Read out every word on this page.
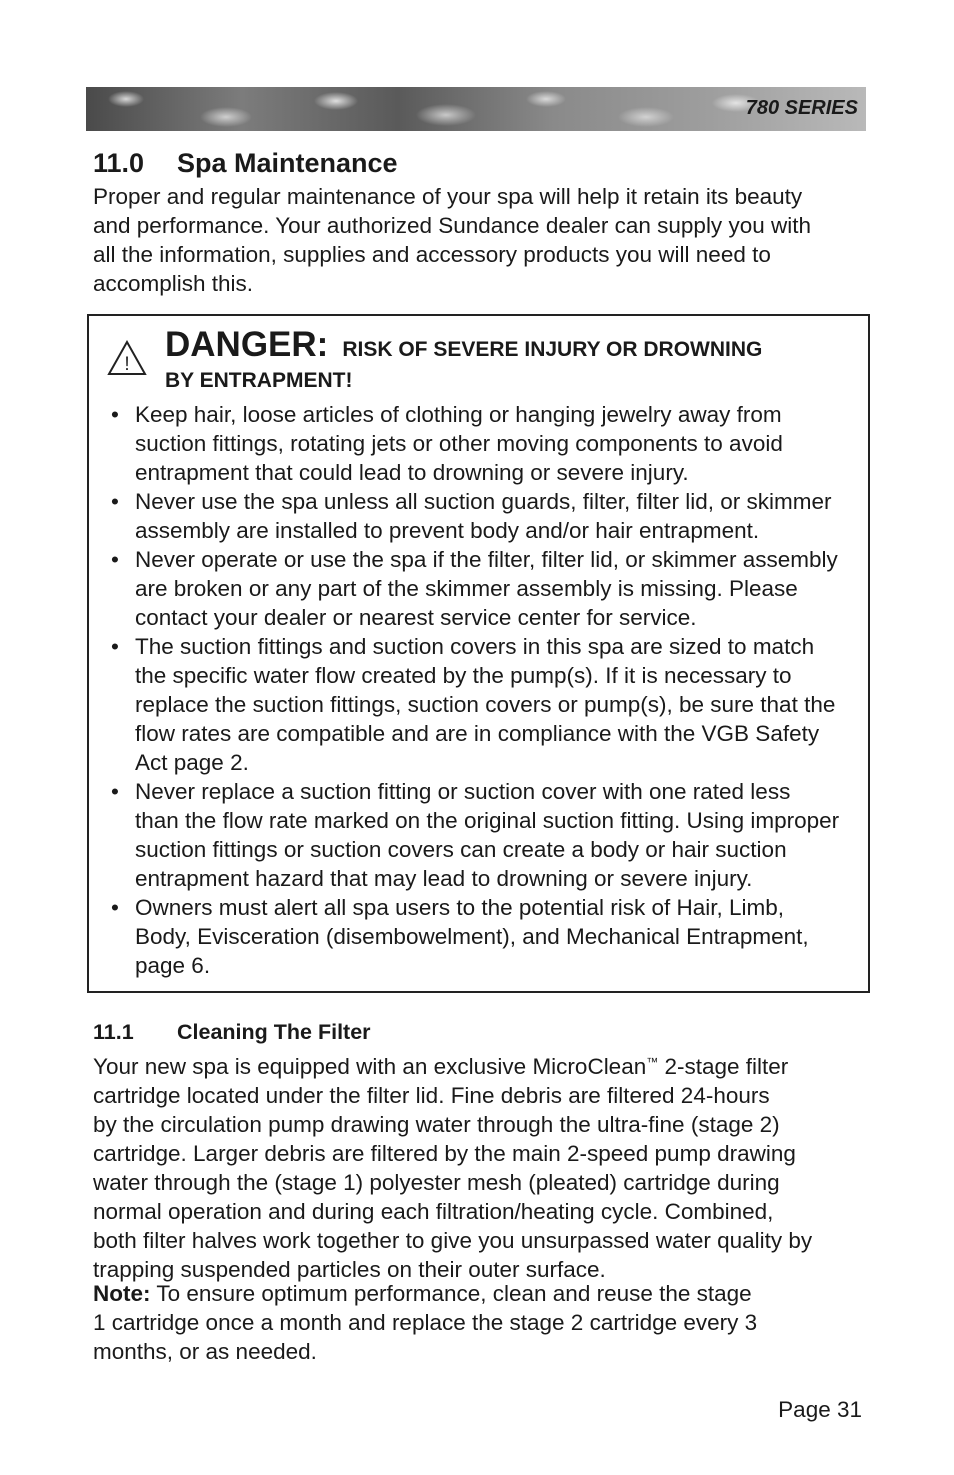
780 SERIES
11.0 Spa Maintenance
Proper and regular maintenance of your spa will help it retain its beauty
and performance. Your authorized Sundance dealer can supply you with
all the information, supplies and accessory products you will need to
accomplish this.
!
DANGER: RISK OF SEVERE INJURY OR DROWNING
BY ENTRAPMENT!
• Keep hair, loose articles of clothing or hanging jewelry away from
suction fittings, rotating jets or other moving components to avoid
entrapment that could lead to drowning or severe injury.
• Never use the spa unless all suction guards, filter, filter lid, or skimmer
assembly are installed to prevent body and/or hair entrapment.
• Never operate or use the spa if the filter, filter lid, or skimmer assembly
are broken or any part of the skimmer assembly is missing. Please
contact your dealer or nearest service center for service.
• The suction fittings and suction covers in this spa are sized to match
the specific water flow created by the pump(s). If it is necessary to
replace the suction fittings, suction covers or pump(s), be sure that the
flow rates are compatible and are in compliance with the VGB Safety
Act page 2.
• Never replace a suction fitting or suction cover with one rated less
than the flow rate marked on the original suction fitting. Using improper
suction fittings or suction covers can create a body or hair suction
entrapment hazard that may lead to drowning or severe injury.
• Owners must alert all spa users to the potential risk of Hair, Limb,
Body, Evisceration (disembowelment), and Mechanical Entrapment,
page 6.
11.1 Cleaning The Filter
Your new spa is equipped with an exclusive MicroClean™ 2-stage filter
cartridge located under the filter lid. Fine debris are filtered 24-hours
by the circulation pump drawing water through the ultra-fine (stage 2)
cartridge. Larger debris are filtered by the main 2-speed pump drawing
water through the (stage 1) polyester mesh (pleated) cartridge during
normal operation and during each filtration/heating cycle. Combined,
both filter halves work together to give you unsurpassed water quality by
trapping suspended particles on their outer surface.
Note: To ensure optimum performance, clean and reuse the stage
1 cartridge once a month and replace the stage 2 cartridge every 3
months, or as needed.
Page 31
